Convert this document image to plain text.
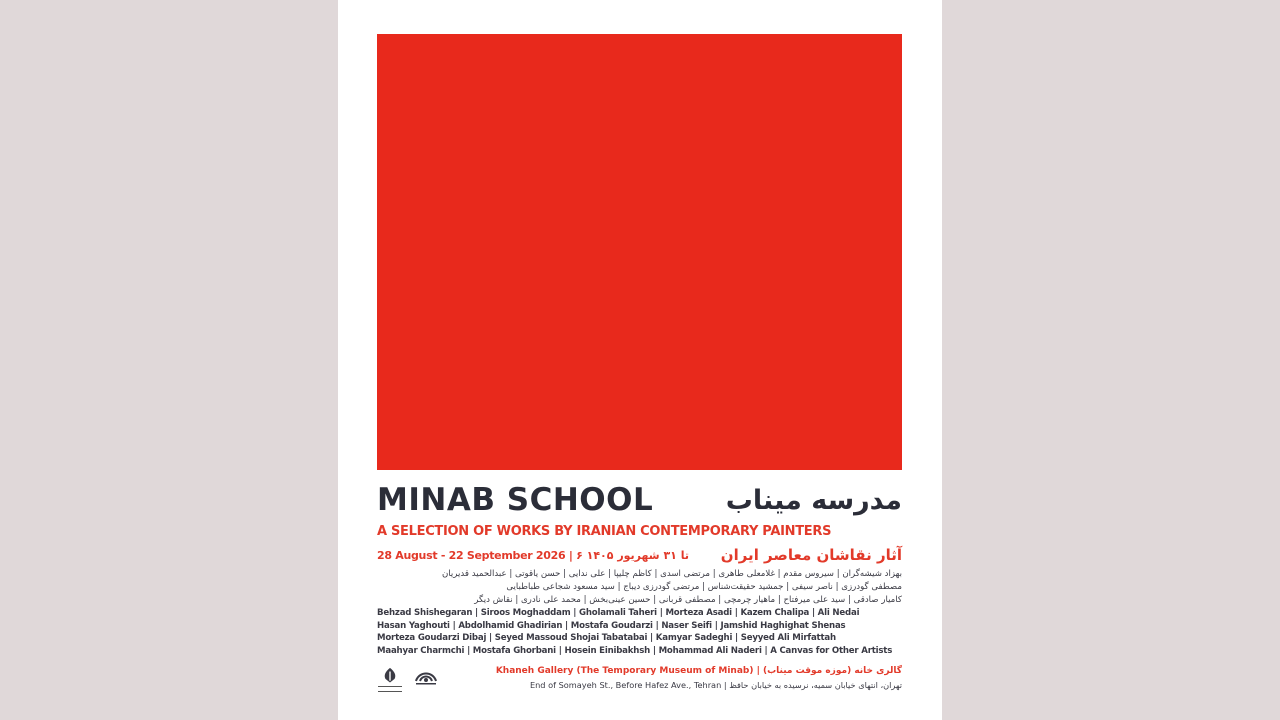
MINAB SCHOOL	مدرسه میناب
A SELECTION OF WORKS BY IRANIAN CONTEMPORARY PAINTERS
28 August - 22 September 2026 | ۶ تا ۳۱ شهریور ۱۴۰۵ آثار نقاشان معاصر ایران
بهزاد شیشه‌گران | سیروس مقدم | غلامعلی طاهری | مرتضی اسدی | کاظم چلیپا | علی ندایی | حسن یاقوتی | عبدالحمید قدیریان
مصطفی گودرزی | ناصر سیفی | جمشید حقیقت‌شناس | مرتضی گودرزی دیباج | سید مسعود شجاعی طباطبایی
کامیار صادقی | سید علی میرفتاح | ماهیار چرمچی | مصطفی قربانی | حسین عینی‌بخش | محمد علی نادری | نقاش دیگر
Behzad Shishegaran | Siroos Moghaddam | Gholamali Taheri | Morteza Asadi | Kazem Chalipa | Ali Nedai
Hasan Yaghouti | Abdolhamid Ghadirian | Mostafa Goudarzi | Naser Seifi | Jamshid Haghighat Shenas
Morteza Goudarzi Dibaj | Seyed Massoud Shojai Tabatabai | Kamyar Sadeghi | Seyyed Ali Mirfattah
Maahyar Charmchi | Mostafa Ghorbani | Hosein Einibakhsh | Mohammad Ali Naderi | A Canvas for Other Artists
گالری خانه (موزه موقت میناب) | Khaneh Gallery (The Temporary Museum of Minab)
تهران، انتهای خیابان سمیه، نرسیده به خیابان حافظ | End of Somayeh St., Before Hafez Ave., Tehran
